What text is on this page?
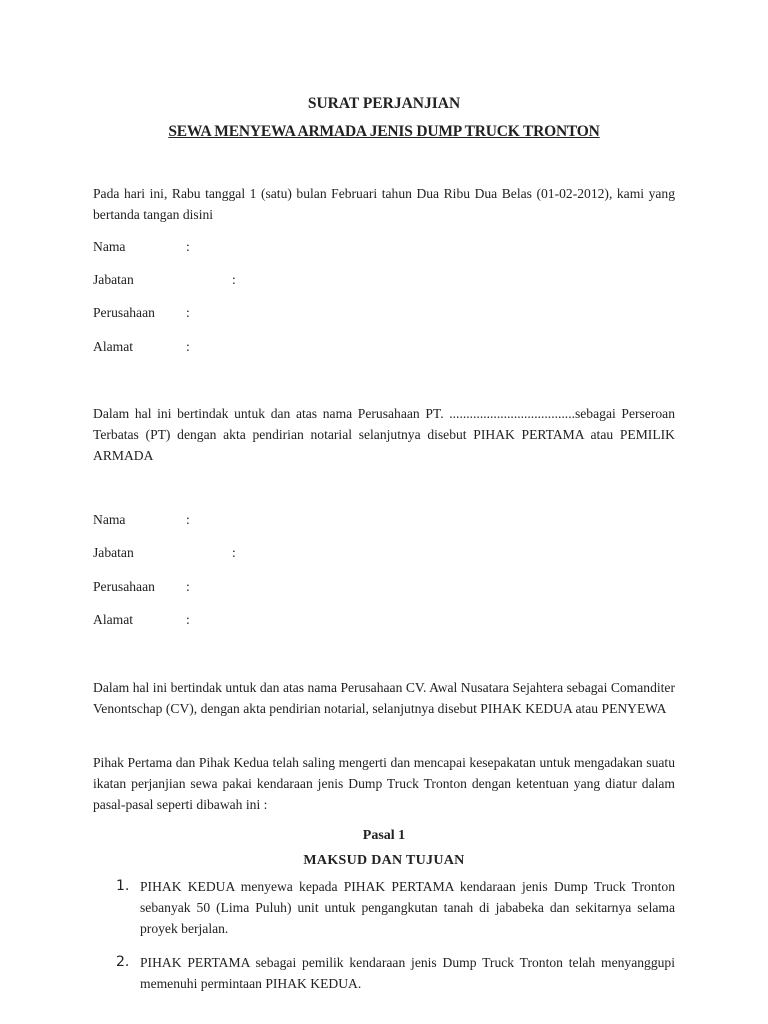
SURAT PERJANJIAN
SEWA MENYEWA ARMADA JENIS DUMP TRUCK TRONTON
Pada hari ini, Rabu tanggal 1 (satu) bulan Februari tahun Dua Ribu Dua Belas (01-02-2012), kami yang bertanda tangan disini
Nama	:
Jabatan	:
Perusahaan :
Alamat	:
Dalam hal ini bertindak untuk dan atas nama Perusahaan PT. .....................................sebagai Perseroan Terbatas (PT) dengan akta pendirian notarial selanjutnya disebut PIHAK PERTAMA atau PEMILIK ARMADA
Nama	:
Jabatan	:
Perusahaan :
Alamat	:
Dalam hal ini bertindak untuk dan atas nama Perusahaan CV. Awal Nusatara Sejahtera sebagai Comanditer Venontschap (CV), dengan akta pendirian notarial, selanjutnya disebut PIHAK KEDUA atau PENYEWA
Pihak Pertama dan Pihak Kedua telah saling mengerti dan mencapai kesepakatan untuk mengadakan suatu ikatan perjanjian sewa pakai kendaraan jenis Dump Truck Tronton dengan ketentuan yang diatur dalam pasal-pasal seperti dibawah ini :
Pasal 1
MAKSUD DAN TUJUAN
1. PIHAK KEDUA menyewa kepada PIHAK PERTAMA kendaraan jenis Dump Truck Tronton sebanyak 50 (Lima Puluh) unit untuk pengangkutan tanah di jababeka dan sekitarnya selama proyek berjalan.
2. PIHAK PERTAMA sebagai pemilik kendaraan jenis Dump Truck Tronton telah menyanggupi memenuhi permintaan PIHAK KEDUA.
